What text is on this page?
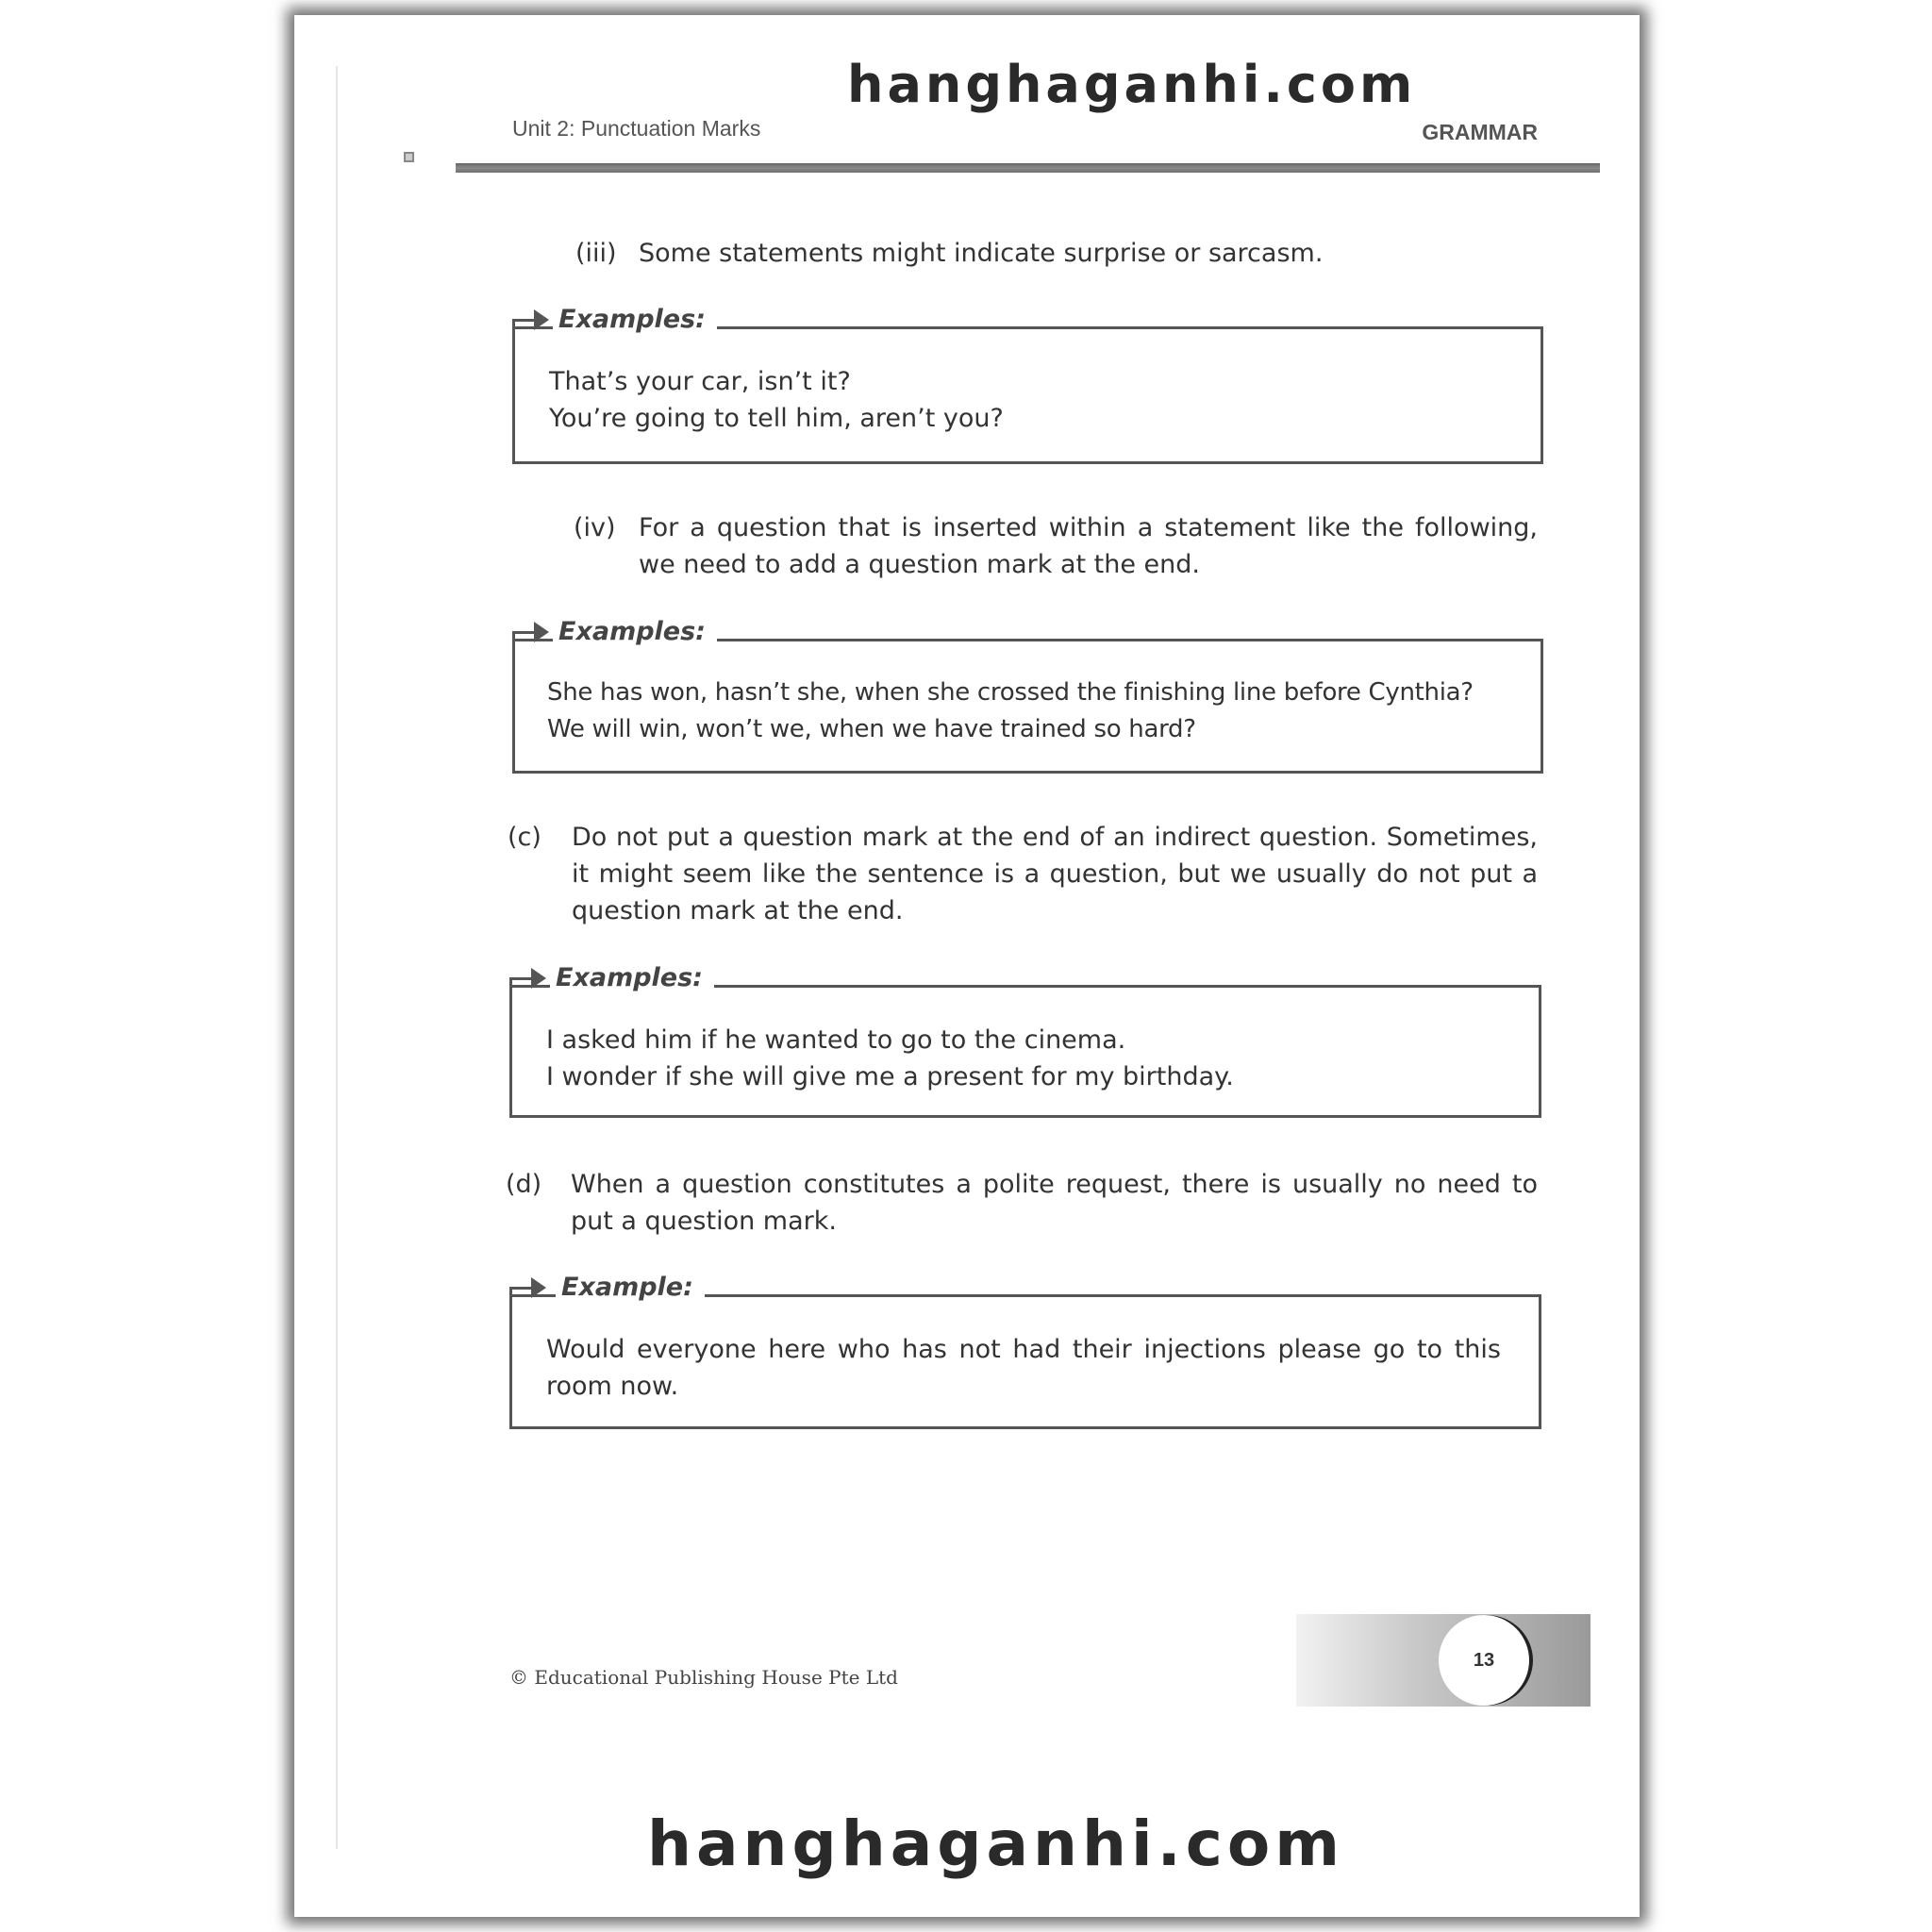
hanghaganhi.com
Unit 2: Punctuation Marks	GRAMMAR

(iii) Some statements might indicate surprise or sarcasm.

Examples:
That’s your car, isn’t it?
You’re going to tell him, aren’t you?

(iv) For a question that is inserted within a statement like the following, we need to add a question mark at the end.

Examples:
She has won, hasn’t she, when she crossed the finishing line before Cynthia?
We will win, won’t we, when we have trained so hard?

(c)	Do not put a question mark at the end of an indirect question. Sometimes, it might seem like the sentence is a question, but we usually do not put a question mark at the end.

Examples:
I asked him if he wanted to go to the cinema.
I wonder if she will give me a present for my birthday.

(d)	When a question constitutes a polite request, there is usually no need to put a question mark.

Example:
Would everyone here who has not had their injections please go to this room now.
© Educational Publishing House Pte Ltd
13
hanghaganhi.com
